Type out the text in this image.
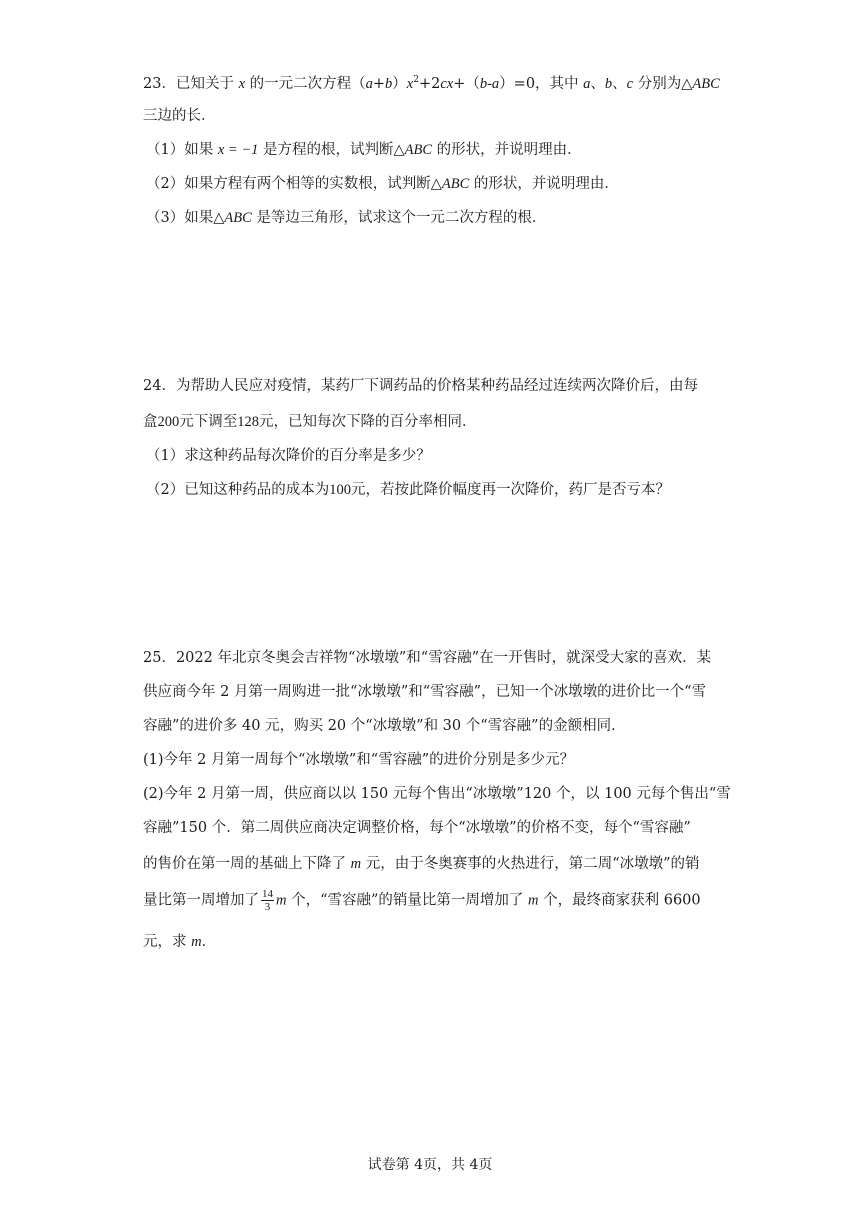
23．已知关于 x 的一元二次方程$(a+b)x^2+2cx+(b-a)=0$，其中 a、b、c 分别为△ABC
三边的长．
（1）如果 x = −1 是方程的根，试判断△ABC 的形状，并说明理由．
（2）如果方程有两个相等的实数根，试判断△ABC 的形状，并说明理由．
（3）如果△ABC 是等边三角形，试求这个一元二次方程的根．
24．为帮助人民应对疫情，某药厂下调药品的价格某种药品经过连续两次降价后，由每
盒200元下调至128元，已知每次下降的百分率相同．
（1）求这种药品每次降价的百分率是多少？
（2）已知这种药品的成本为100元，若按此降价幅度再一次降价，药厂是否亏本？
25．2022 年北京冬奥会吉祥物“冰墩墩”和“雪容融”在一开售时，就深受大家的喜欢．某
供应商今年 2 月第一周购进一批“冰墩墩”和“雪容融”，已知一个冰墩墩的进价比一个“雪
容融”的进价多 40 元，购买 20 个“冰墩墩”和 30 个“雪容融”的金额相同．
(1)今年 2 月第一周每个“冰墩墩”和“雪容融”的进价分别是多少元？
(2)今年 2 月第一周，供应商以以 150 元每个售出“冰墩墩”120 个，以 100 元每个售出“雪
容融”150 个．第二周供应商决定调整价格，每个“冰墩墩”的价格不变，每个“雪容融”
的售价在第一周的基础上下降了 m 元，由于冬奥赛事的火热进行，第二周“冰墩墩”的销
量比第一周增加了 $\frac{14}{3}$ m 个，“雪容融”的销量比第一周增加了 m 个，最终商家获利 6600
元，求 m．
试卷第 4页，共 4页
